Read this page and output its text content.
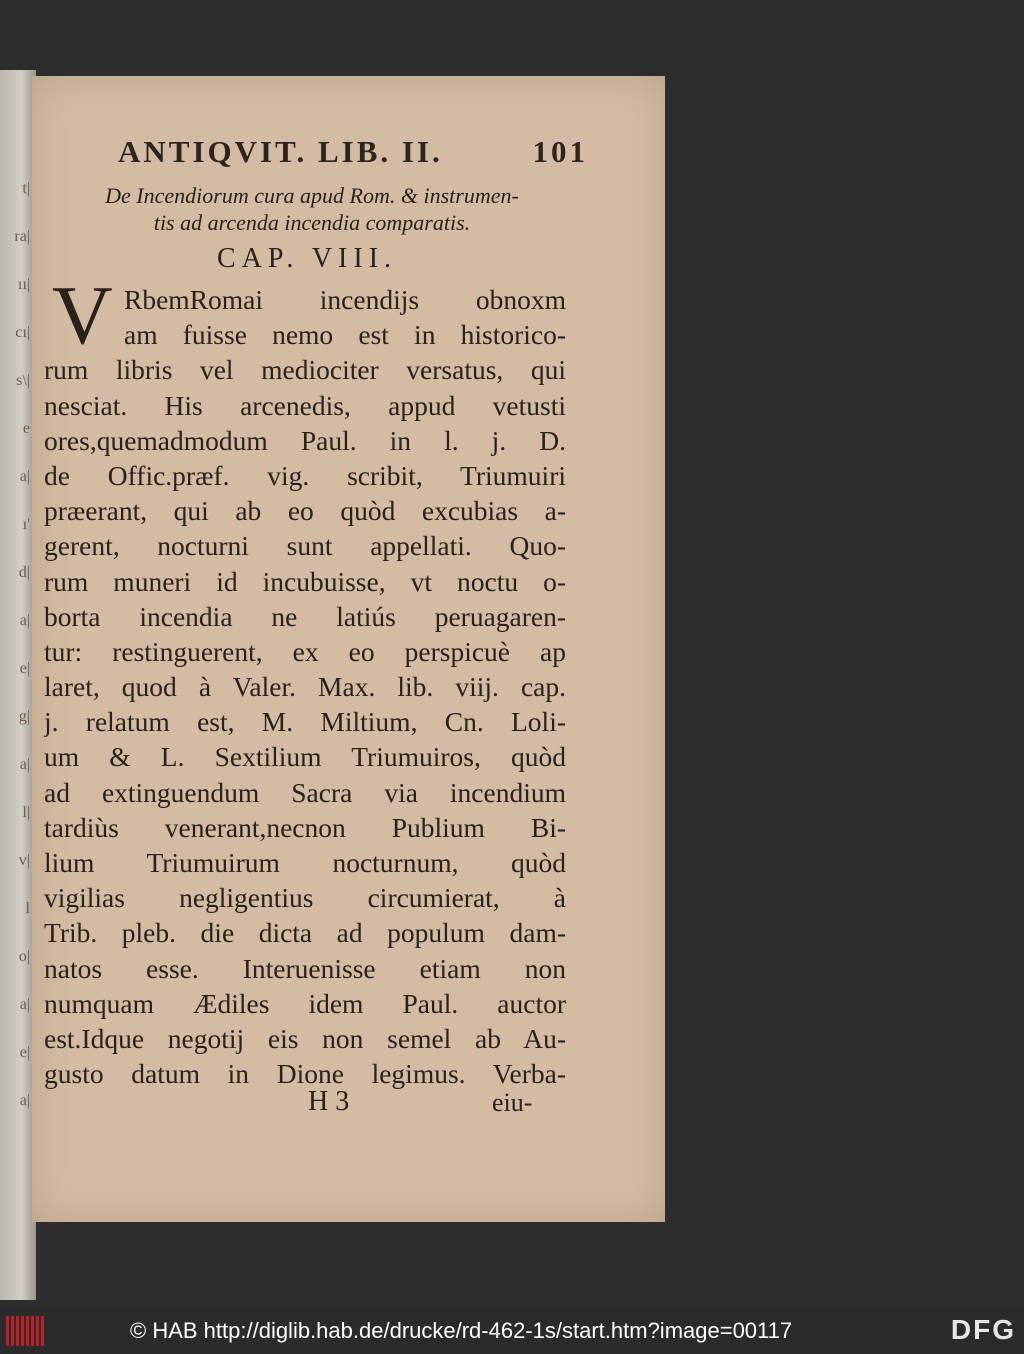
t|
ra|
ıı|
cı|
s\|
e
a|
ı'
d|
a|
e|
g|
a|
l|
v|
l
o|
a|
e|
a|
ANTIQVIT. LIB. II.	101
De Incendiorum cura apud Rom. & instrumen-
tis ad arcenda incendia comparatis.
CAP. VIII.
V RbemRomai incendijs obnoxm
am fuisse nemo est in historico-
rum libris vel mediociter versatus, qui
nesciat. His arcenedis, appud vetusti
ores,quemadmodum Paul. in l. j. D.
de Offic.præf. vig. scribit, Triumuiri
præerant, qui ab eo quòd excubias a-
gerent, nocturni sunt appellati. Quo-
rum muneri id incubuisse, vt noctu o-
borta incendia ne latiús peruagaren-
tur: restinguerent, ex eo perspicuè ap
laret, quod à Valer. Max. lib. viij. cap.
j. relatum est, M. Miltium, Cn. Loli-
um & L. Sextilium Triumuiros, quòd
ad extinguendum Sacra via incendium
tardiùs venerant,necnon Publium Bi-
lium Triumuirum nocturnum, quòd
vigilias negligentius circumierat, à
Trib. pleb. die dicta ad populum dam-
natos esse. Interuenisse etiam non
numquam Ædiles idem Paul. auctor
est.Idque negotij eis non semel ab Au-
gusto datum in Dione legimus. Verba-
H 3	eiu-
© HAB http://diglib.hab.de/drucke/rd-462-1s/start.htm?image=00117	DFG
